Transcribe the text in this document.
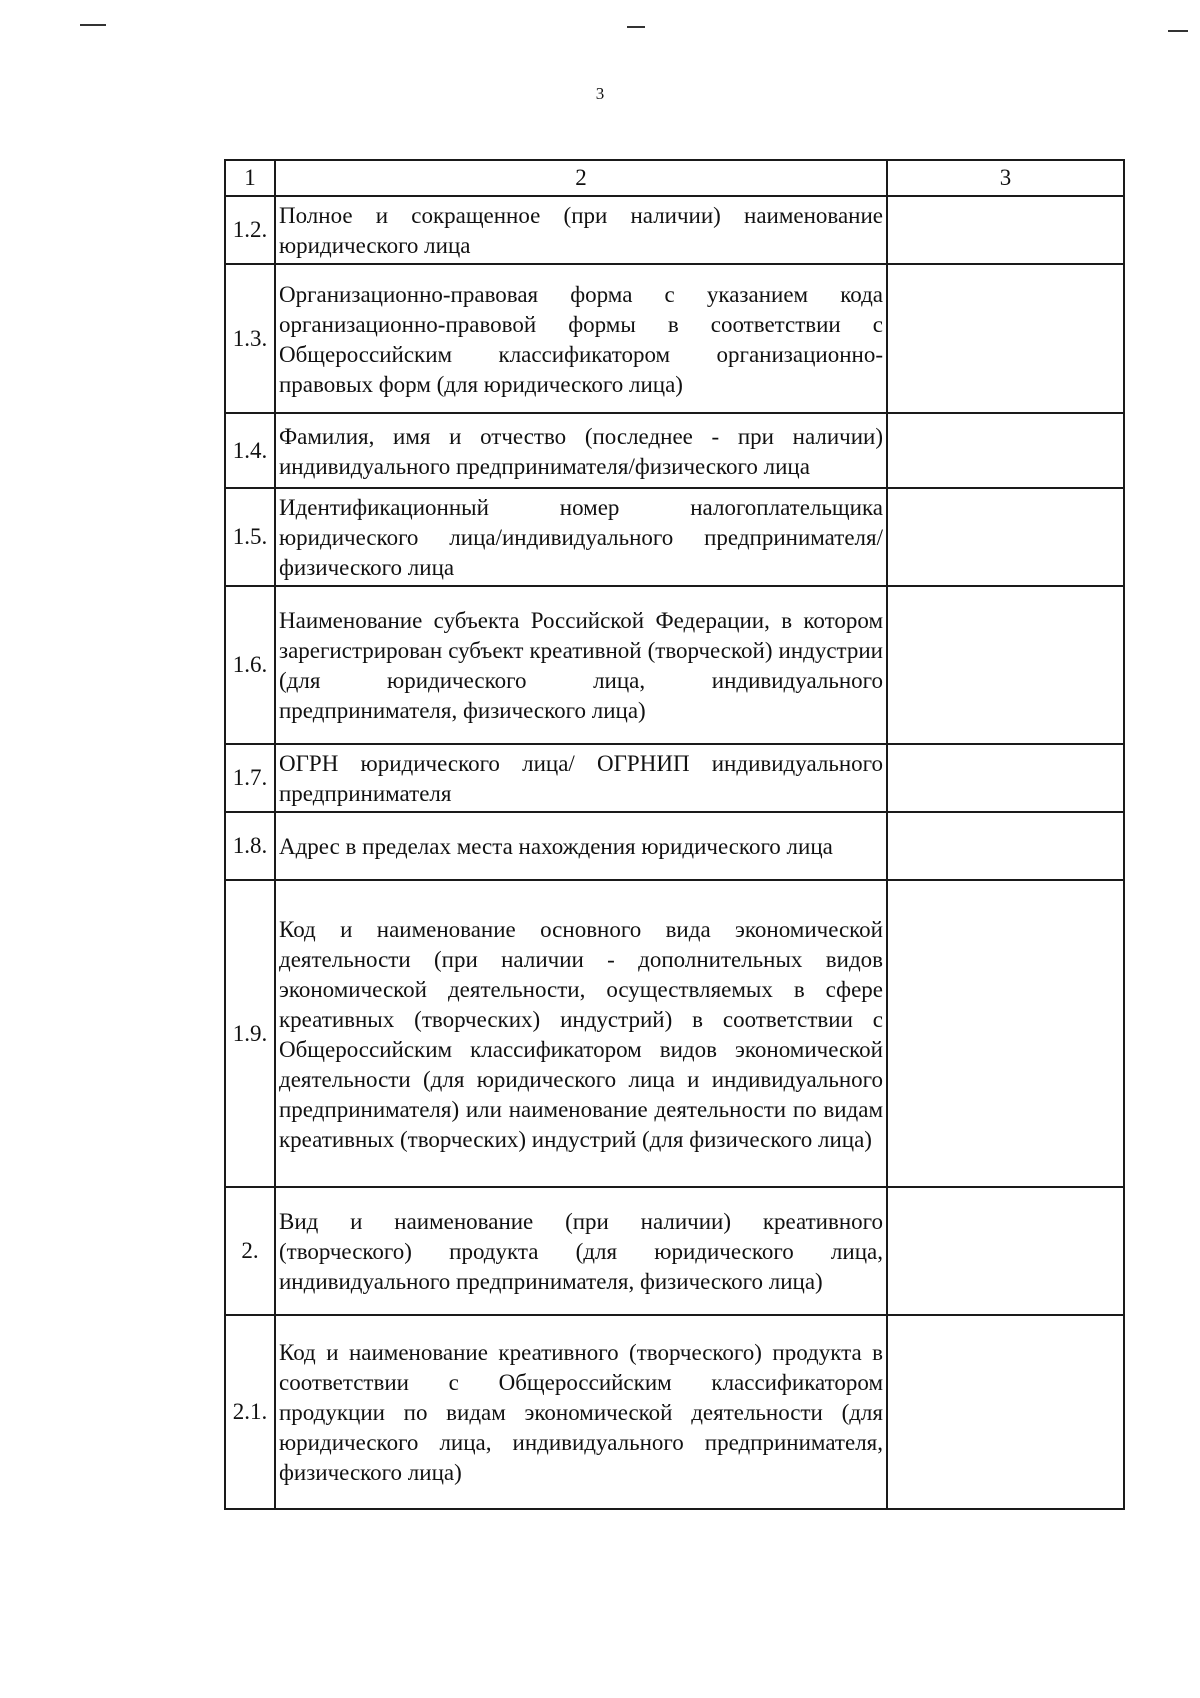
3
1	2	3
1.2.	Полное и сокращенное (при наличии) наименование юридического лица	
1.3.	Организационно-правовая форма с указанием кода организационно-правовой формы в соответствии с Общероссийским классификатором организационно-правовых форм (для юридического лица)	
1.4.	Фамилия, имя и отчество (последнее - при наличии) индивидуального предпринимателя/физического лица	
1.5.	Идентификационный номер налогоплательщика юридического лица/индивидуального предпринимателя/физического лица	
1.6.	Наименование субъекта Российской Федерации, в котором зарегистрирован субъект креативной (творческой) индустрии (для юридического лица, индивидуального предпринимателя, физического лица)	
1.7.	ОГРН юридического лица/ ОГРНИП индивидуального предпринимателя	
1.8.	Адрес в пределах места нахождения юридического лица	
1.9.	Код и наименование основного вида экономической деятельности (при наличии - дополнительных видов экономической деятельности, осуществляемых в сфере креативных (творческих) индустрий) в соответствии с Общероссийским классификатором видов экономической деятельности (для юридического лица и индивидуального предпринимателя) или наименование деятельности по видам креативных (творческих) индустрий (для физического лица)	
2.	Вид и наименование (при наличии) креативного (творческого) продукта (для юридического лица, индивидуального предпринимателя, физического лица)	
2.1.	Код и наименование креативного (творческого) продукта в соответствии с Общероссийским классификатором продукции по видам экономической деятельности (для юридического лица, индивидуального предпринимателя, физического лица)	
